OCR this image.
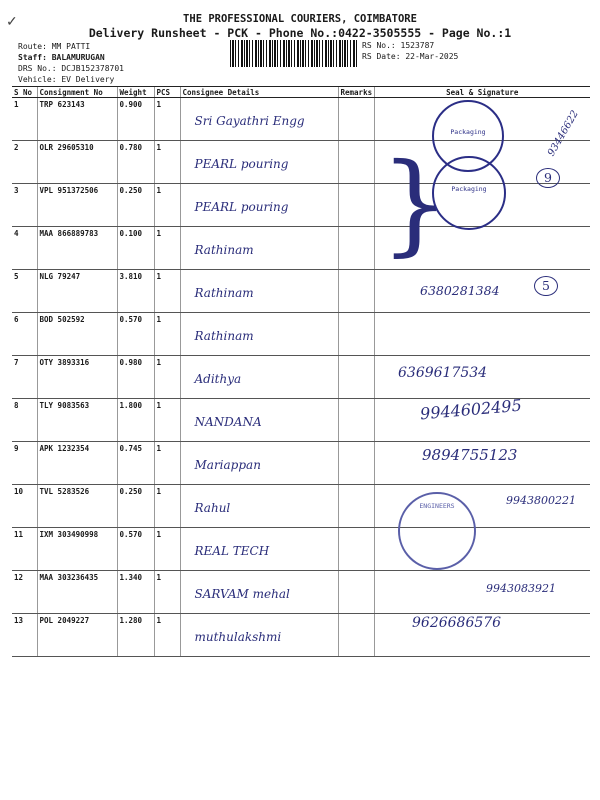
✓	THE PROFESSIONAL COURIERS, COIMBATORE
Delivery Runsheet - PCK - Phone No.:0422-3505555 - Page No.:1
Route: MM PATTI
Staff: BALAMURUGAN
DRS No.: DCJB152378701
Vehicle: EV Delivery
RS No.: 1523787
RS Date: 22-Mar-2025
S No	Consignment No	Weight	PCS	Consignee Details	Remarks	Seal & Signature
1	TRP 623143	0.900	1	Sri Gayathri Engg		

2	OLR 29605310	0.780	1	PEARL pouring		

3	VPL 951372506	0.250	1	PEARL pouring		

4	MAA 866889783	0.100	1	Rathinam		

5	NLG 79247	3.810	1	Rathinam		

6	BOD 502592	0.570	1	Rathinam		

7	OTY 3893316	0.980	1	Adithya		

8	TLY 9083563	1.800	1	NANDANA		

9	APK 1232354	0.745	1	Mariappan		

10	TVL 5283526	0.250	1	Rahul		

11	IXM 303490998	0.570	1	REAL TECH		

12	MAA 303236435	1.340	1	SARVAM mehal		

13	POL 2049227	1.280	1	muthulakshmi		

}
Packaging
Packaging
ENGINEERS
93446622
9
6380281384	5
6369617534
9944602495
9894755123
9943800221
9943083921
9626686576
